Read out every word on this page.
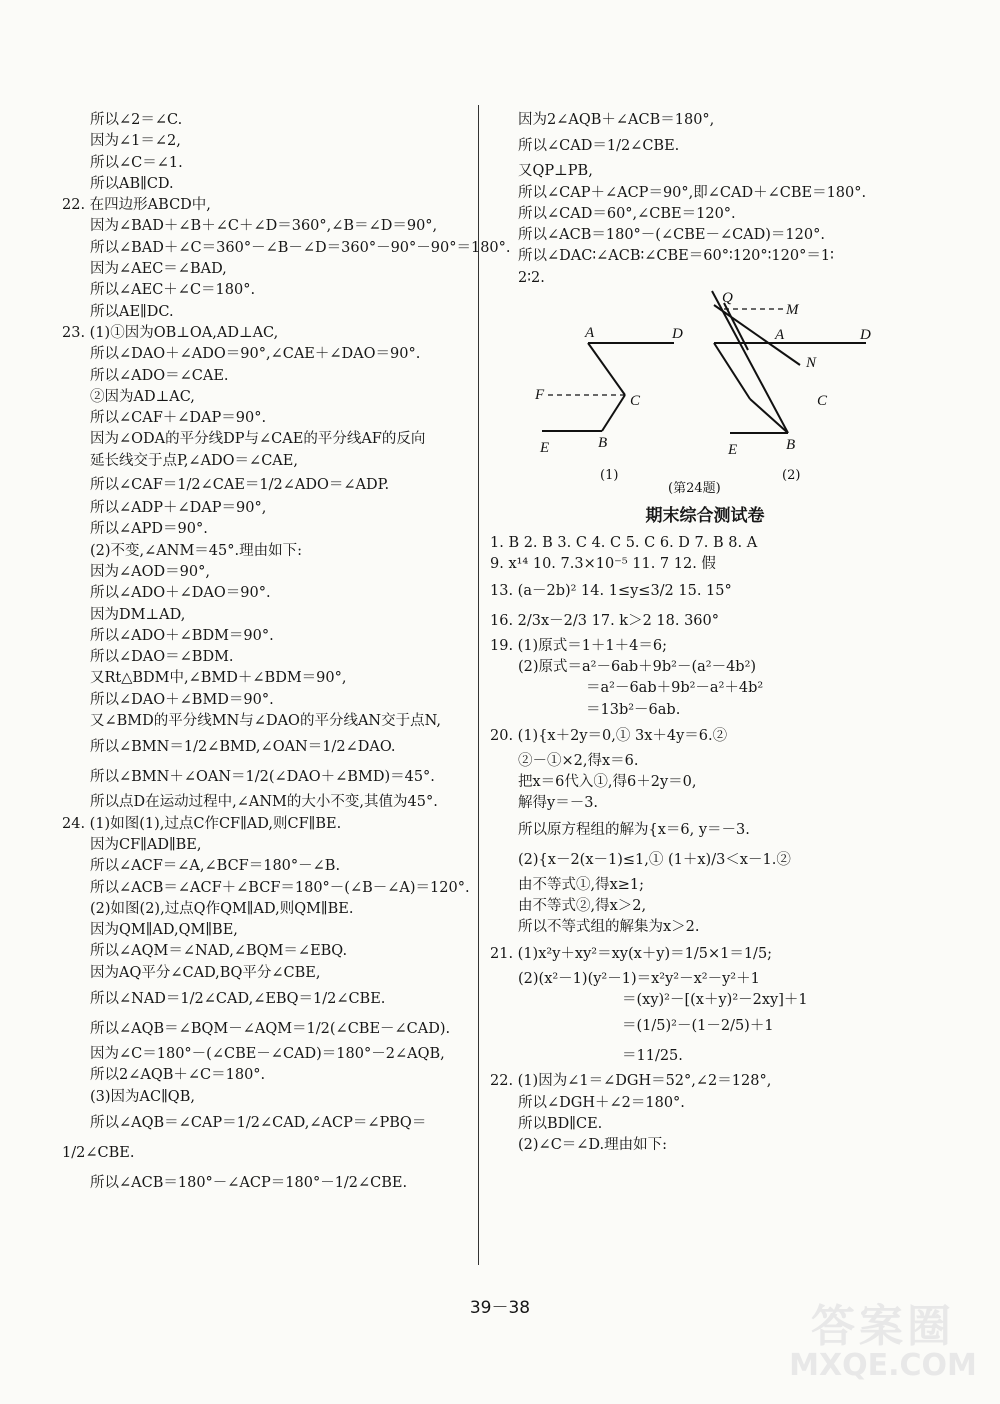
所以∠2＝∠C.
因为∠1＝∠2,
所以∠C＝∠1.
所以AB∥CD.
22. 在四边形ABCD中,
因为∠BAD＋∠B＋∠C＋∠D＝360°,∠B＝∠D＝90°,
所以∠BAD＋∠C＝360°－∠B－∠D＝360°－90°－90°＝180°.
因为∠AEC＝∠BAD,
所以∠AEC＋∠C＝180°.
所以AE∥DC.
23. (1)①因为OB⊥OA,AD⊥AC,
所以∠DAO＋∠ADO＝90°,∠CAE＋∠DAO＝90°.
所以∠ADO＝∠CAE.
②因为AD⊥AC,
所以∠CAF＋∠DAP＝90°.
因为∠ODA的平分线DP与∠CAE的平分线AF的反向
延长线交于点P,∠ADO＝∠CAE,
所以∠CAF＝1/2∠CAE＝1/2∠ADO＝∠ADP.
所以∠ADP＋∠DAP＝90°,
所以∠APD＝90°.
(2)不变,∠ANM＝45°.理由如下:
因为∠AOD＝90°,
所以∠ADO＋∠DAO＝90°.
因为DM⊥AD,
所以∠ADO＋∠BDM＝90°.
所以∠DAO＝∠BDM.
又Rt△BDM中,∠BMD＋∠BDM＝90°,
所以∠DAO＋∠BMD＝90°.
又∠BMD的平分线MN与∠DAO的平分线AN交于点N,
所以∠BMN＝1/2∠BMD,∠OAN＝1/2∠DAO.
所以∠BMN＋∠OAN＝1/2(∠DAO＋∠BMD)＝45°.
所以点D在运动过程中,∠ANM的大小不变,其值为45°.
24. (1)如图(1),过点C作CF∥AD,则CF∥BE.
因为CF∥AD∥BE,
所以∠ACF＝∠A,∠BCF＝180°－∠B.
所以∠ACB＝∠ACF＋∠BCF＝180°－(∠B－∠A)＝120°.
(2)如图(2),过点Q作QM∥AD,则QM∥BE.
因为QM∥AD,QM∥BE,
所以∠AQM＝∠NAD,∠BQM＝∠EBQ.
因为AQ平分∠CAD,BQ平分∠CBE,
所以∠NAD＝1/2∠CAD,∠EBQ＝1/2∠CBE.
所以∠AQB＝∠BQM－∠AQM＝1/2(∠CBE－∠CAD).
因为∠C＝180°－(∠CBE－∠CAD)＝180°－2∠AQB,
所以2∠AQB＋∠C＝180°.
(3)因为AC∥QB,
所以∠AQB＝∠CAP＝1/2∠CAD,∠ACP＝∠PBQ＝
1/2∠CBE.
所以∠ACB＝180°－∠ACP＝180°－1/2∠CBE.
因为2∠AQB＋∠ACB＝180°,
所以∠CAD＝1/2∠CBE.
又QP⊥PB,
所以∠CAP＋∠ACP＝90°,即∠CAD＋∠CBE＝180°.
所以∠CAD＝60°,∠CBE＝120°.
所以∠ACB＝180°－(∠CBE－∠CAD)＝120°.
所以∠DAC∶∠ACB∶∠CBE＝60°∶120°∶120°＝1∶
2∶2.
A	D
F	C
E	B
Q
M
A	D
N
C
E	B
(1)
(第24题)
(2)
期末综合测试卷
1. B 2. B 3. C 4. C 5. C 6. D 7. B 8. A
9. x¹⁴ 10. 7.3×10⁻⁵ 11. 7 12. 假
13. (a－2b)² 14. 1≤y≤3/2 15. 15°
16. 2/3x－2/3 17. k＞2 18. 360°
19. (1)原式＝1＋1＋4＝6;
(2)原式＝a²－6ab＋9b²－(a²－4b²)
＝a²－6ab＋9b²－a²＋4b²
＝13b²－6ab.
20. (1){x＋2y＝0,① 3x＋4y＝6.②
②－①×2,得x＝6.
把x＝6代入①,得6＋2y＝0,
解得y＝－3.
所以原方程组的解为{x＝6, y＝－3.
(2){x－2(x－1)≤1,① (1＋x)/3＜x－1.②
由不等式①,得x≥1;
由不等式②,得x＞2,
所以不等式组的解集为x＞2.
21. (1)x²y＋xy²＝xy(x＋y)＝1/5×1＝1/5;
(2)(x²－1)(y²－1)＝x²y²－x²－y²＋1
＝(xy)²－[(x＋y)²－2xy]＋1
＝(1/5)²－(1－2/5)＋1
＝11/25.
22. (1)因为∠1＝∠DGH＝52°,∠2＝128°,
所以∠DGH＋∠2＝180°.
所以BD∥CE.
(2)∠C＝∠D.理由如下:
39－38	答案圈
MXQE.COM
